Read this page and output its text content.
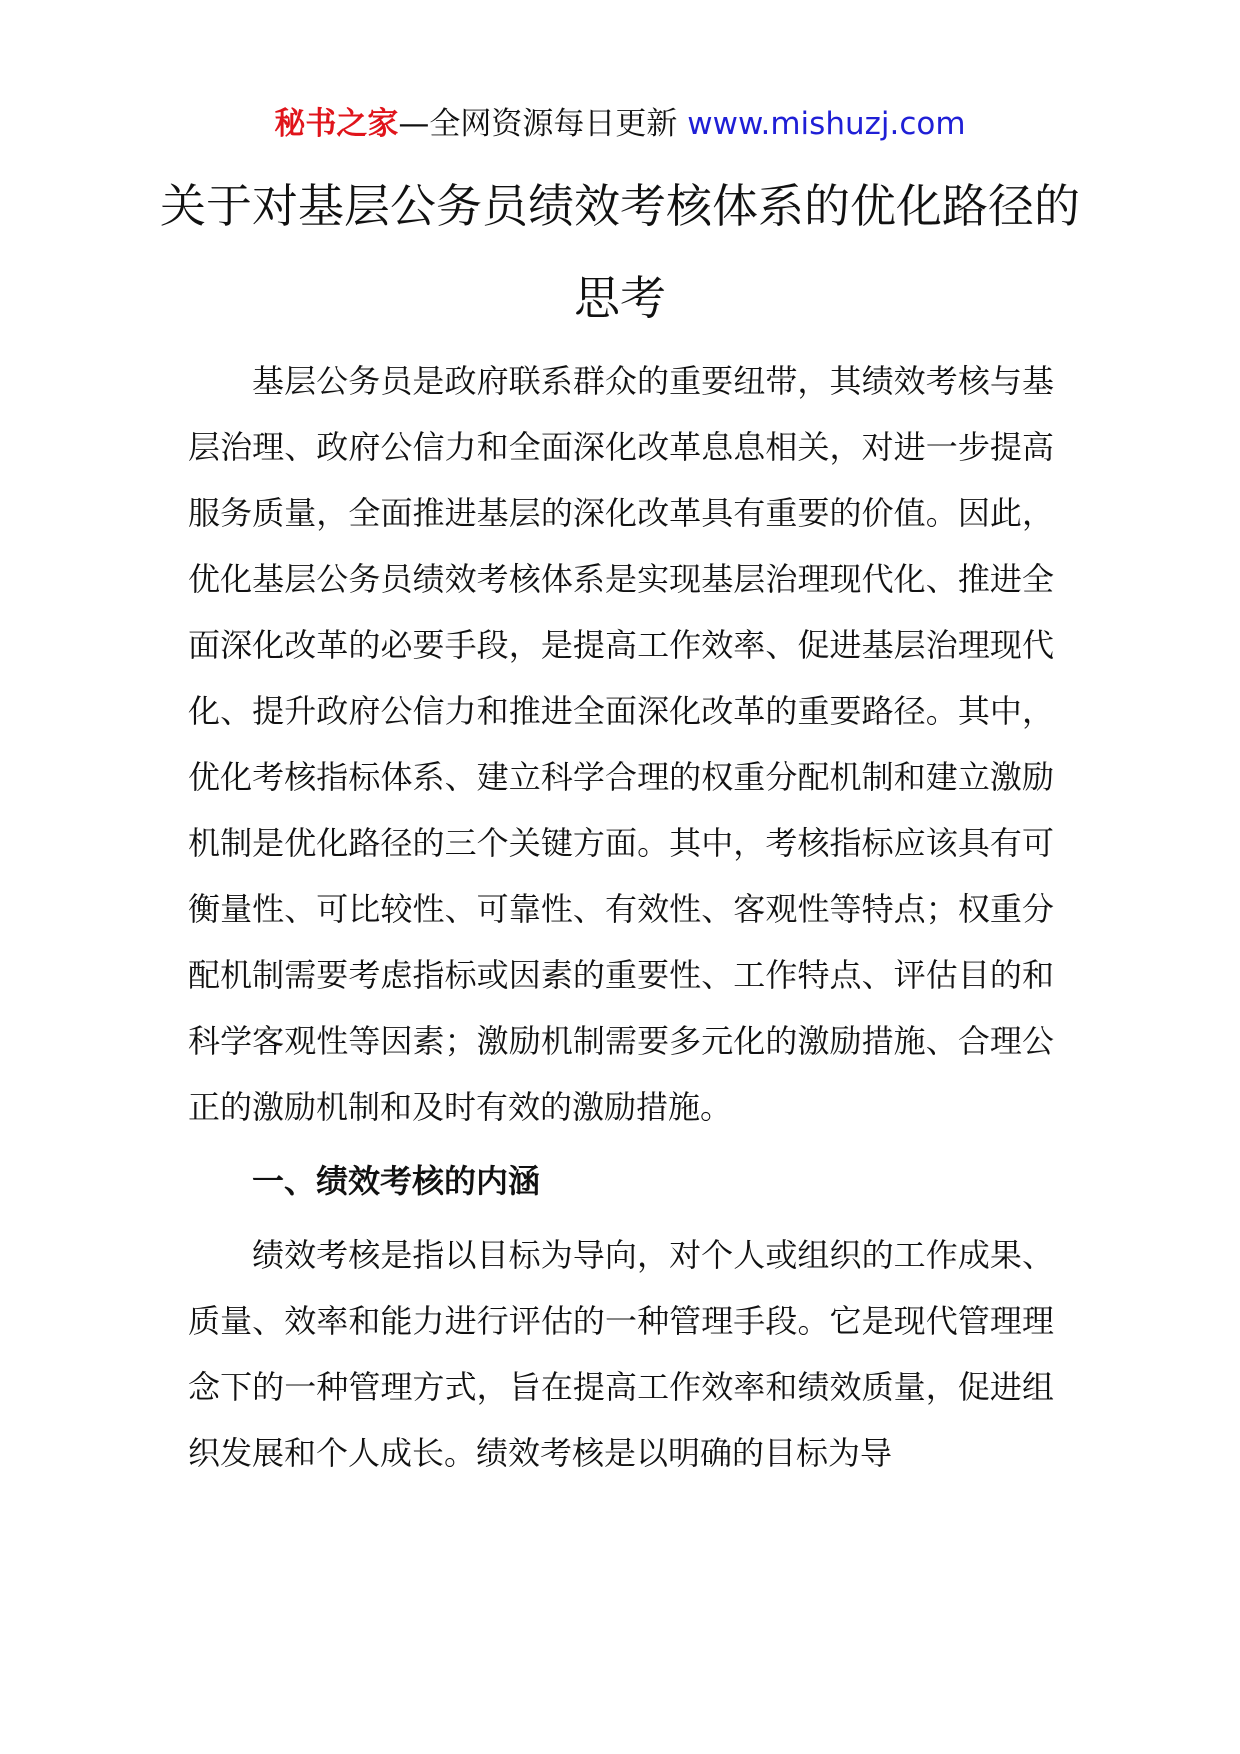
秘书之家—全网资源每日更新 www.mishuzj.com
关于对基层公务员绩效考核体系的优化路径的思考

基层公务员是政府联系群众的重要纽带，其绩效考核与基层治理、政府公信力和全面深化改革息息相关，对进一步提高服务质量，全面推进基层的深化改革具有重要的价值。因此，优化基层公务员绩效考核体系是实现基层治理现代化、推进全面深化改革的必要手段，是提高工作效率、促进基层治理现代化、提升政府公信力和推进全面深化改革的重要路径。其中，优化考核指标体系、建立科学合理的权重分配机制和建立激励机制是优化路径的三个关键方面。其中，考核指标应该具有可衡量性、可比较性、可靠性、有效性、客观性等特点；权重分配机制需要考虑指标或因素的重要性、工作特点、评估目的和科学客观性等因素；激励机制需要多元化的激励措施、合理公正的激励机制和及时有效的激励措施。

一、绩效考核的内涵

绩效考核是指以目标为导向，对个人或组织的工作成果、质量、效率和能力进行评估的一种管理手段。它是现代管理理念下的一种管理方式，旨在提高工作效率和绩效质量，促进组织发展和个人成长。绩效考核是以明确的目标为导
